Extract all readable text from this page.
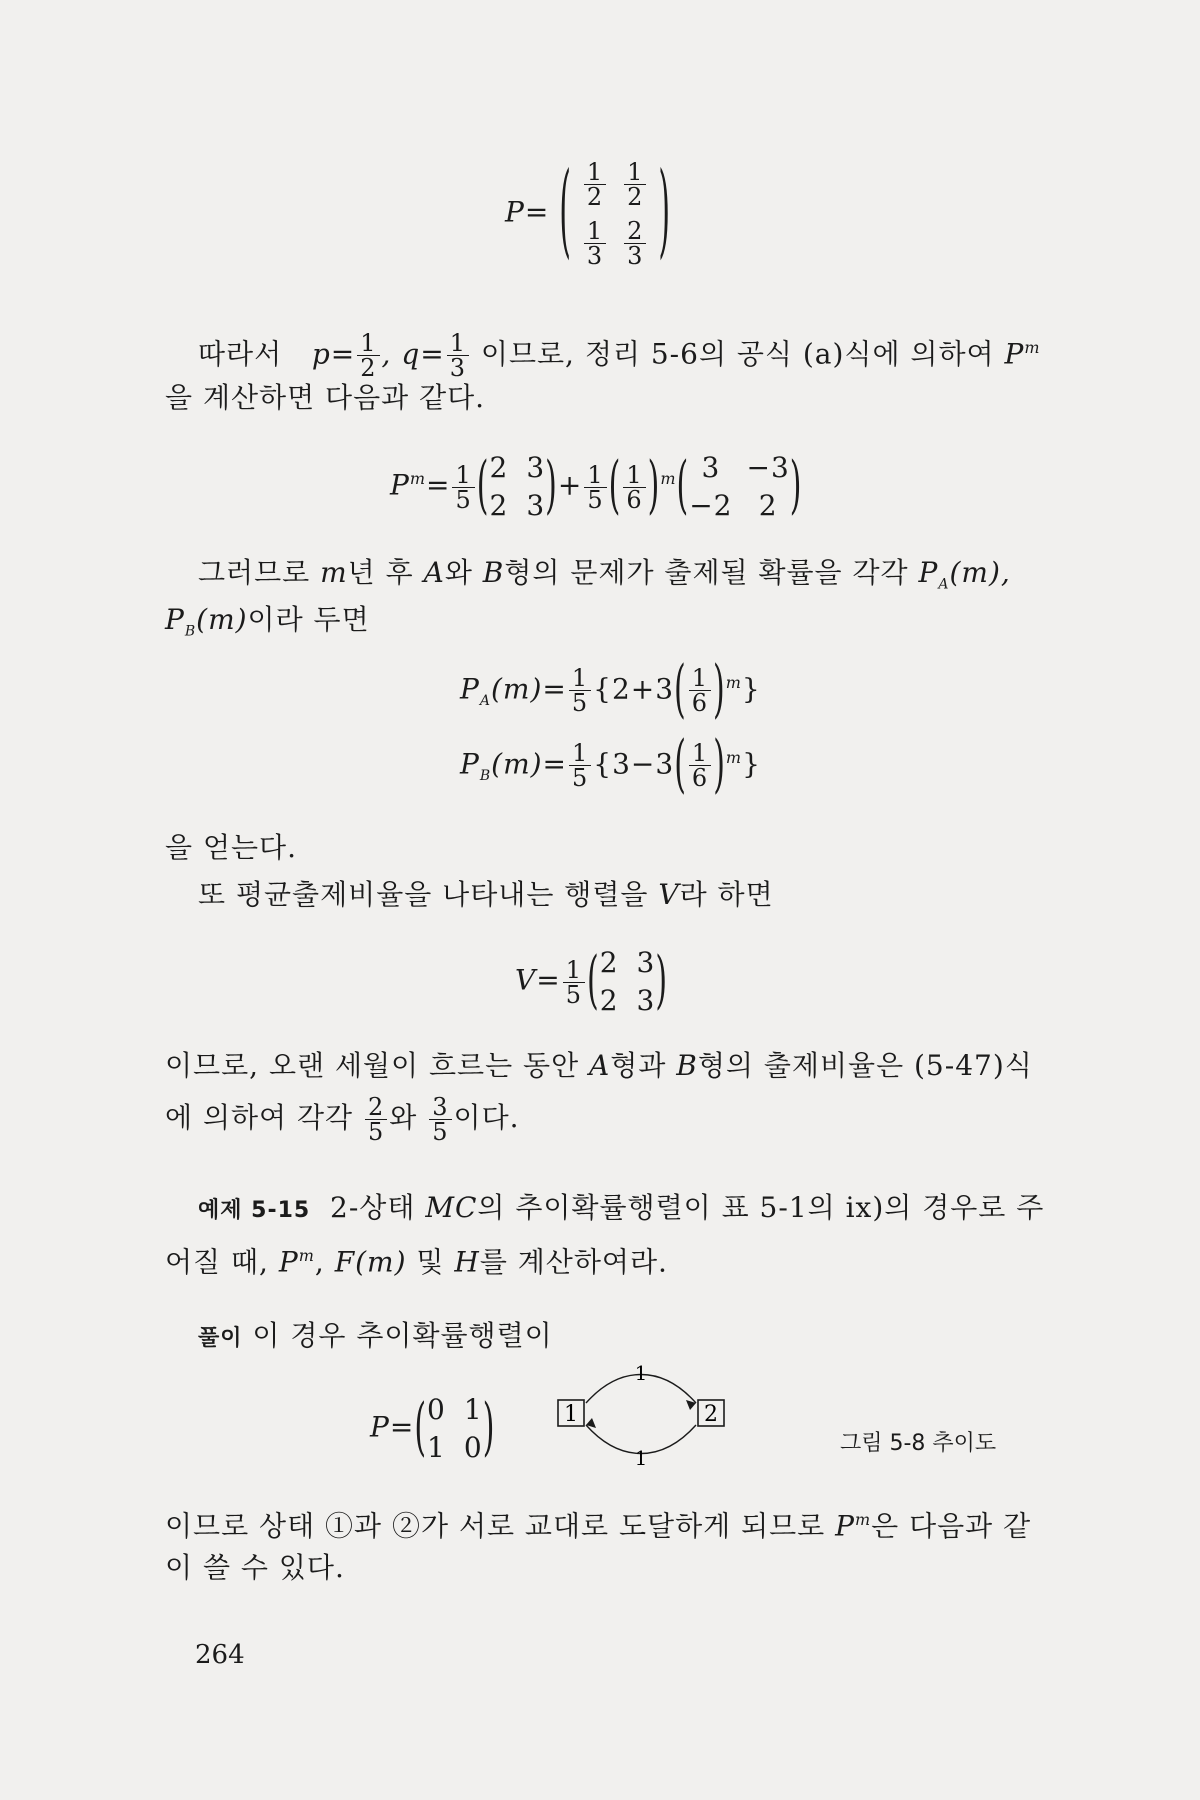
P= ( $\frac{1}{2} \frac{1}{2}$
$\frac{1}{3} \frac{2}{3}$ )
따라서 $p= \frac{1}{2}$ , $q= \frac{1}{3}$ 이므로, 정리 5-6의 공식 (a)식에 의하여 $P^m$
을 계산하면 다음과 같다.
$P^m= \frac{1}{5}$ ( 2 3
2 3 )+ $\frac{1}{5}$ ( $\frac{1}{6} )^m$( 3 −3
−2 2 )
그러므로 m년 후 A와 B형의 문제가 출제될 확률을 각각 $P_A(m)$,
$P_B(m)$이라 두면
$P_A(m)= \frac{1}{5} \{2+3( \frac{1}{6} )^m\}$
$P_B(m)= \frac{1}{5} \{3-3( \frac{1}{6} )^m\}$
을 얻는다.
또 평균출제비율을 나타내는 행렬을 V라 하면
$V= \frac{1}{5}$ ( 2 3
2 3 )
이므로, 오랜 세월이 흐르는 동안 A형과 B형의 출제비율은 (5-47)식
에 의하여 각각 $\frac{2}{5}$ 와 $\frac{3}{5}$ 이다.
예제 5-15 2-상태 MC의 추이확률행렬이 표 5-1의 ix)의 경우로 주
어질 때, $P^m$, F(m) 및 H를 계산하여라.
풀이 이 경우 추이확률행렬이
P=( 0 1
1 0 )	1	2
1
1
그림 5-8 추이도
이므로 상태 ①과 ②가 서로 교대로 도달하게 되므로 $P^m$은 다음과 같
이 쓸 수 있다.
264
